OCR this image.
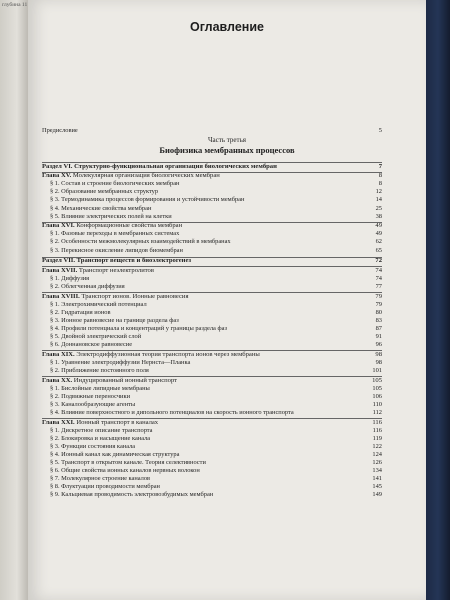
глубина 11
Оглавление
Предисловие	5
Часть третья
Биофизика мембранных процессов
Раздел VI. Структурно-функциональная организация биологических мембран	7
Глава XV. Молекулярная организация биологических мембран	8
§ 1. Состав и строение биологических мембран	8
§ 2. Образование мембранных структур	12
§ 3. Термодинамика процессов формирования и устойчивости мембран	14
§ 4. Механические свойства мембран	25
§ 5. Влияние электрических полей на клетки	38
Глава XVI. Конформационные свойства мембран	49
§ 1. Фазовые переходы в мембранных системах	49
§ 2. Особенности межмолекулярных взаимодействий в мембранах	62
§ 3. Перекисное окисление липидов биомембран	65
Раздел VII. Транспорт веществ и биоэлектрогенез	72
Глава XVII. Транспорт неэлектролитов	74
§ 1. Диффузия	74
§ 2. Облегченная диффузия	77
Глава XVIII. Транспорт ионов. Ионные равновесия	79
§ 1. Электрохимический потенциал	79
§ 2. Гидратация ионов	80
§ 3. Ионное равновесие на границе раздела фаз	83
§ 4. Профили потенциала и концентраций у границы раздела фаз	87
§ 5. Двойной электрический слой	91
§ 6. Доннановское равновесие	96
Глава XIX. Электродиффузионная теория транспорта ионов через мембраны	98
§ 1. Уравнение электродиффузии Нернста—Планка	98
§ 2. Приближение постоянного поля	101
Глава XX. Индуцированный ионный транспорт	105
§ 1. Бислойные липидные мембраны	105
§ 2. Подвижные переносчики	106
§ 3. Каналообразующие агенты	110
§ 4. Влияние поверхностного и дипольного потенциалов на скорость ионного транспорта	112
Глава XXI. Ионный транспорт в каналах	116
§ 1. Дискретное описание транспорта	116
§ 2. Блокировка и насыщение канала	119
§ 3. Функции состояния канала	122
§ 4. Ионный канал как динамическая структура	124
§ 5. Транспорт в открытом канале. Теория селективности	126
§ 6. Общие свойства ионных каналов нервных волокон	134
§ 7. Молекулярное строение каналов	141
§ 8. Флуктуации проводимости мембран	145
§ 9. Кальциевая проводимость электровозбудимых мембран	149
